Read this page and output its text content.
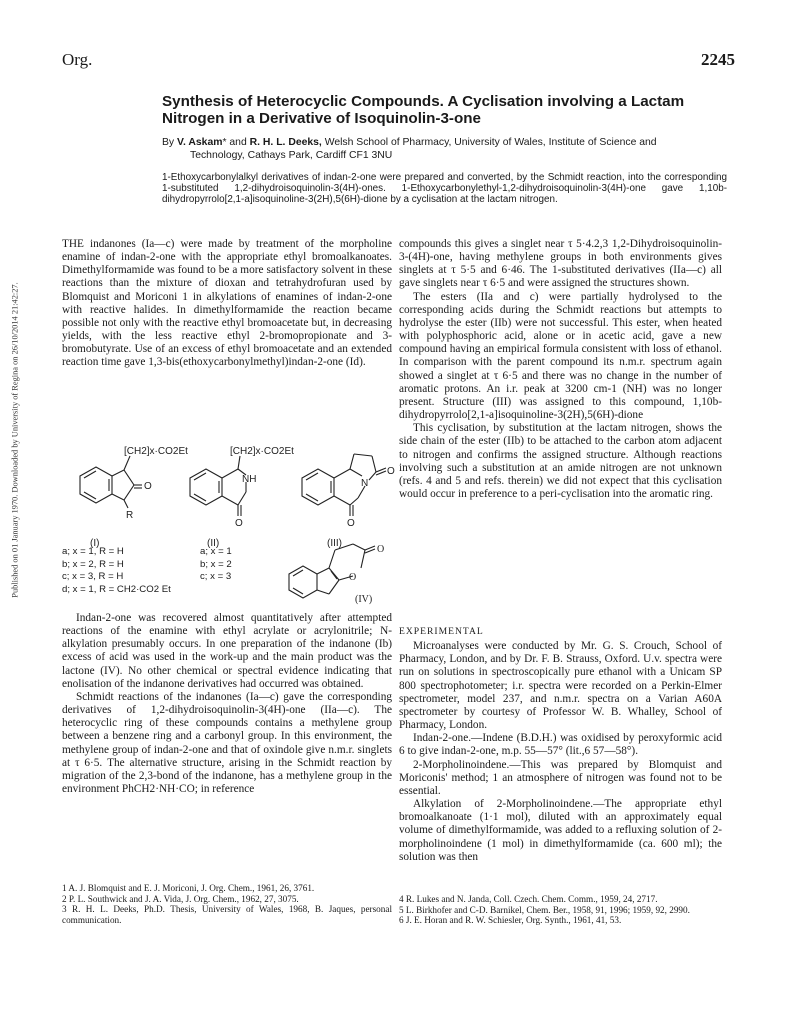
Org.	2245
Synthesis of Heterocyclic Compounds. A Cyclisation involving a Lactam Nitrogen in a Derivative of Isoquinolin-3-one
By V. Askam* and R. H. L. Deeks, Welsh School of Pharmacy, University of Wales, Institute of Science and
Technology, Cathays Park, Cardiff CF1 3NU
1-Ethoxycarbonylalkyl derivatives of indan-2-one were prepared and converted, by the Schmidt reaction, into the corresponding 1-substituted 1,2-dihydroisoquinolin-3(4H)-ones. 1-Ethoxycarbonylethyl-1,2-dihydroisoquinolin-3(4H)-one gave 1,10b-dihydropyrrolo[2,1-a]isoquinoline-3(2H),5(6H)-dione by a cyclisation at the lactam nitrogen.
Published on 01 January 1970. Downloaded by University of Regina on 26/10/2014 21:42:27.

THE indanones (Ia—c) were made by treatment of the morpholine enamine of indan-2-one with the appropriate ethyl bromoalkanoates. Dimethylformamide was found to be a more satisfactory solvent in these reactions than the mixture of dioxan and tetrahydrofuran used by Blomquist and Moriconi 1 in alkylations of enamines of indan-2-one with reactive halides. In dimethylformamide the reaction became possible not only with the reactive ethyl bromoacetate but, in decreasing yields, with the less reactive ethyl 2-bromopropionate and 3-bromobutyrate. Use of an excess of ethyl bromoacetate and an extended reaction time gave 1,3-bis(ethoxycarbonylmethyl)indan-2-one (Id).

[CH2]x·CO2Et
O
R
[CH2]x·CO2Et
NH
O
N
O
O
(I)	(II)	(III)
a; x = 1, R = H
b; x = 2, R = H
c; x = 3, R = H
d; x = 1, R = CH2·CO2 Et
a; x = 1
b; x = 2
c; x = 3	O
O
(IV)

Indan-2-one was recovered almost quantitatively after attempted reactions of the enamine with ethyl acrylate or acrylonitrile; N-alkylation presumably occurs. In one preparation of the indanone (Ib) excess of acid was used in the work-up and the main product was the lactone (IV). No other chemical or spectral evidence indicating that enolisation of the indanone derivatives had occurred was obtained.

Schmidt reactions of the indanones (Ia—c) gave the corresponding derivatives of 1,2-dihydroisoquinolin-3(4H)-one (IIa—c). The heterocyclic ring of these compounds contains a methylene group between a benzene ring and a carbonyl group. In this environment, the methylene group of indan-2-one and that of oxindole give n.m.r. singlets at τ 6·5. The alternative structure, arising in the Schmidt reaction by migration of the 2,3-bond of the indanone, has a methylene group in the environment PhCH2·NH·CO; in reference

1 A. J. Blomquist and E. J. Moriconi, J. Org. Chem., 1961, 26, 3761.

2 P. L. Southwick and J. A. Vida, J. Org. Chem., 1962, 27, 3075.

3 R. H. L. Deeks, Ph.D. Thesis, University of Wales, 1968, B. Jaques, personal communication.

compounds this gives a singlet near τ 5·4.2,3 1,2-Dihydroisoquinolin-3-(4H)-one, having methylene groups in both environments gives singlets at τ 5·5 and 6·46. The 1-substituted derivatives (IIa—c) all gave singlets near τ 6·5 and were assigned the structures shown.

The esters (IIa and c) were partially hydrolysed to the corresponding acids during the Schmidt reactions but attempts to hydrolyse the ester (IIb) were not successful. This ester, when heated with polyphosphoric acid, alone or in acetic acid, gave a new compound having an empirical formula consistent with loss of ethanol. In comparison with the parent compound its n.m.r. spectrum again showed a singlet at τ 6·5 and there was no change in the number of aromatic protons. An i.r. peak at 3200 cm-1 (NH) was no longer present. Structure (III) was assigned to this compound, 1,10b-dihydropyrrolo[2,1-a]isoquinoline-3(2H),5(6H)-dione

This cyclisation, by substitution at the lactam nitrogen, shows the side chain of the ester (IIb) to be attached to the carbon atom adjacent to nitrogen and confirms the assigned structure. Although reactions involving such a substitution at an amide nitrogen are not unknown (refs. 4 and 5 and refs. therein) we did not expect that this cyclisation would occur in preference to a peri-cyclisation into the aromatic ring.

EXPERIMENTAL

Microanalyses were conducted by Mr. G. S. Crouch, School of Pharmacy, London, and by Dr. F. B. Strauss, Oxford. U.v. spectra were run on solutions in spectroscopically pure ethanol with a Unicam SP 800 spectrophotometer; i.r. spectra were recorded on a Perkin-Elmer spectrometer, model 237, and n.m.r. spectra on a Varian A60A spectrometer by courtesy of Professor W. B. Whalley, School of Pharmacy, London.

Indan-2-one.—Indene (B.D.H.) was oxidised by peroxyformic acid 6 to give indan-2-one, m.p. 55—57° (lit.,6 57—58°).

2-Morpholinoindene.—This was prepared by Blomquist and Moriconis' method; 1 an atmosphere of nitrogen was found not to be essential.

Alkylation of 2-Morpholinoindene.—The appropriate ethyl bromoalkanoate (1·1 mol), diluted with an approximately equal volume of dimethylformamide, was added to a refluxing solution of 2-morpholinoindene (1 mol) in dimethylformamide (ca. 600 ml); the solution was then

4 R. Lukes and N. Janda, Coll. Czech. Chem. Comm., 1959, 24, 2717.

5 L. Birkhofer and C-D. Barnikel, Chem. Ber., 1958, 91, 1996; 1959, 92, 2990.

6 J. E. Horan and R. W. Schiesler, Org. Synth., 1961, 41, 53.
